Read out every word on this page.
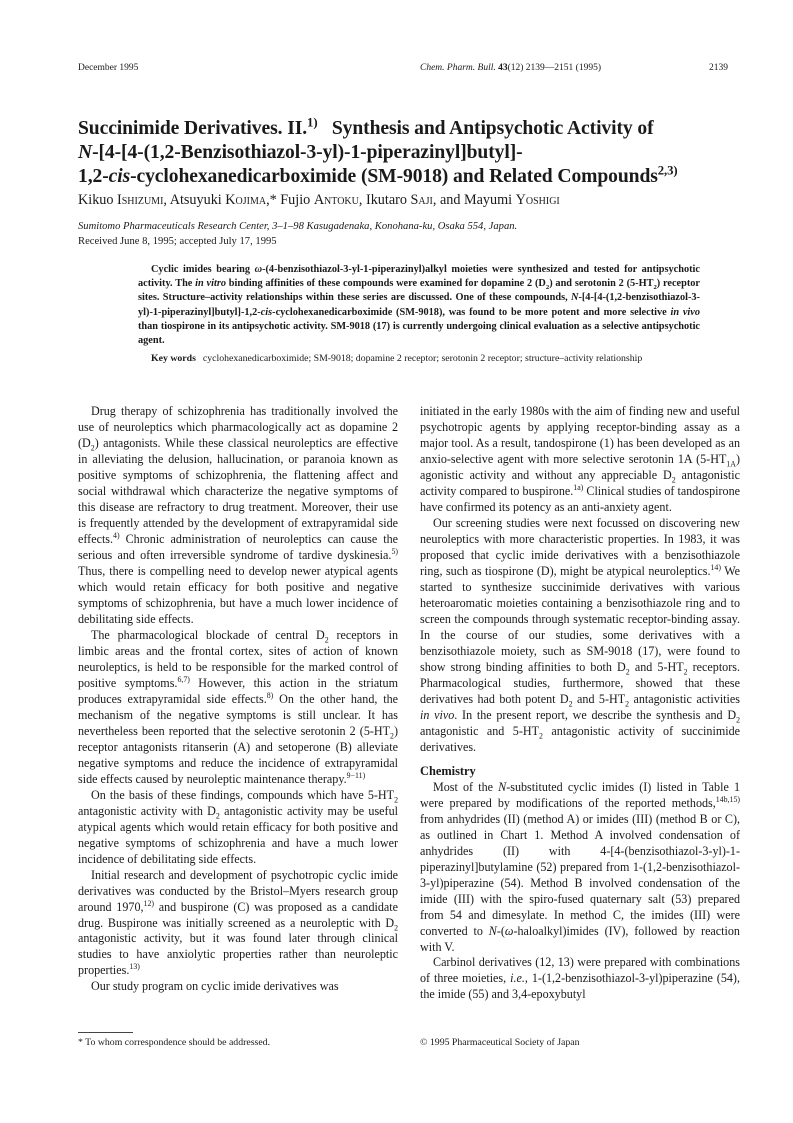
December 1995	Chem. Pharm. Bull. 43(12) 2139—2151 (1995)	2139
Succinimide Derivatives. II.$^{1)}$ Synthesis and Antipsychotic Activity of
N-[4-[4-(1,2-Benzisothiazol-3-yl)-1-piperazinyl]butyl]-
1,2-cis-cyclohexanedicarboximide (SM-9018) and Related Compounds$^{2,3)}$
Kikuo Ishizumi, Atsuyuki Kojima,* Fujio Antoku, Ikutaro Saji, and Mayumi Yoshigi
Sumitomo Pharmaceuticals Research Center, 3–1–98 Kasugadenaka, Konohana-ku, Osaka 554, Japan.
Received June 8, 1995; accepted July 17, 1995
Cyclic imides bearing ω-(4-benzisothiazol-3-yl-1-piperazinyl)alkyl moieties were synthesized and tested for antipsychotic activity. The in vitro binding affinities of these compounds were examined for dopamine 2 $(D_2)$ and serotonin 2 $(5-HT_2)$ receptor sites. Structure–activity relationships within these series are discussed. One of these compounds, N-[4-[4-(1,2-benzisothiazol-3-yl)-1-piperazinyl]butyl]-1,2-cis-cyclohexanedicarboximide (SM-9018), was found to be more potent and more selective in vivo than tiospirone in its antipsychotic activity. SM-9018 (17) is currently undergoing clinical evaluation as a selective antipsychotic agent.
Key words cyclohexanedicarboximide; SM-9018; dopamine 2 receptor; serotonin 2 receptor; structure–activity relationship

Drug therapy of schizophrenia has traditionally involved the use of neuroleptics which pharmacologically act as dopamine 2 $(D_2)$ antagonists. While these classical neuroleptics are effective in alleviating the delusion, hallucination, or paranoia known as positive symptoms of schizophrenia, the flattening affect and social withdrawal which characterize the negative symptoms of this disease are refractory to drug treatment. Moreover, their use is frequently attended by the development of extrapyramidal side effects.$^{4)}$ Chronic administration of neuroleptics can cause the serious and often irreversible syndrome of tardive dyskinesia.$^{5)}$ Thus, there is compelling need to develop newer atypical agents which would retain efficacy for both positive and negative symptoms of schizophrenia, but have a much lower incidence of debilitating side effects.

The pharmacological blockade of central $D_2$ receptors in limbic areas and the frontal cortex, sites of action of known neuroleptics, is held to be responsible for the marked control of positive symptoms.$^{6,7)}$ However, this action in the striatum produces extrapyramidal side effects.$^{8)}$ On the other hand, the mechanism of the negative symptoms is still unclear. It has nevertheless been reported that the selective serotonin 2 $(5-HT_2)$ receptor antagonists ritanserin (A) and setoperone (B) alleviate negative symptoms and reduce the incidence of extrapyramidal side effects caused by neuroleptic maintenance therapy.$^{9-11)}$

On the basis of these findings, compounds which have $5-HT_2$ antagonistic activity with $D_2$ antagonistic activity may be useful atypical agents which would retain efficacy for both positive and negative symptoms of schizophrenia and have a much lower incidence of debilitating side effects.

Initial research and development of psychotropic cyclic imide derivatives was conducted by the Bristol–Myers research group around 1970,$^{12)}$ and buspirone (C) was proposed as a candidate drug. Buspirone was initially screened as a neuroleptic with $D_2$ antagonistic activity, but it was found later through clinical studies to have anxiolytic properties rather than neuroleptic properties.$^{13)}$

Our study program on cyclic imide derivatives was

initiated in the early 1980s with the aim of finding new and useful psychotropic agents by applying receptor-binding assay as a major tool. As a result, tandospirone (1) has been developed as an anxio-selective agent with more selective serotonin 1A $(5-HT_{1A})$ agonistic activity and without any appreciable $D_2$ antagonistic activity compared to buspirone.$^{1a)}$ Clinical studies of tandospirone have confirmed its potency as an anti-anxiety agent.

Our screening studies were next focussed on discovering new neuroleptics with more characteristic properties. In 1983, it was proposed that cyclic imide derivatives with a benzisothiazole ring, such as tiospirone (D), might be atypical neuroleptics.$^{14)}$ We started to synthesize succinimide derivatives with various heteroaromatic moieties containing a benzisothiazole ring and to screen the compounds through systematic receptor-binding assay. In the course of our studies, some derivatives with a benzisothiazole moiety, such as SM-9018 (17), were found to show strong binding affinities to both $D_2$ and $5-HT_2$ receptors. Pharmacological studies, furthermore, showed that these derivatives had both potent $D_2$ and $5-HT_2$ antagonistic activities in vivo. In the present report, we describe the synthesis and $D_2$ antagonistic and $5-HT_2$ antagonistic activity of succinimide derivatives.

Chemistry

Most of the N-substituted cyclic imides (I) listed in Table 1 were prepared by modifications of the reported methods,$^{14b,15)}$ from anhydrides (II) (method A) or imides (III) (method B or C), as outlined in Chart 1. Method A involved condensation of anhydrides (II) with 4-[4-(benzisothiazol-3-yl)-1-piperazinyl]butylamine (52) prepared from 1-(1,2-benzisothiazol-3-yl)piperazine (54). Method B involved condensation of the imide (III) with the spiro-fused quaternary salt (53) prepared from 54 and dimesylate. In method C, the imides (III) were converted to N-(ω-haloalkyl)imides (IV), followed by reaction with V.

Carbinol derivatives (12, 13) were prepared with combinations of three moieties, i.e., 1-(1,2-benzisothiazol-3-yl)piperazine (54), the imide (55) and 3,4-epoxybutyl

* To whom correspondence should be addressed.	© 1995 Pharmaceutical Society of Japan
